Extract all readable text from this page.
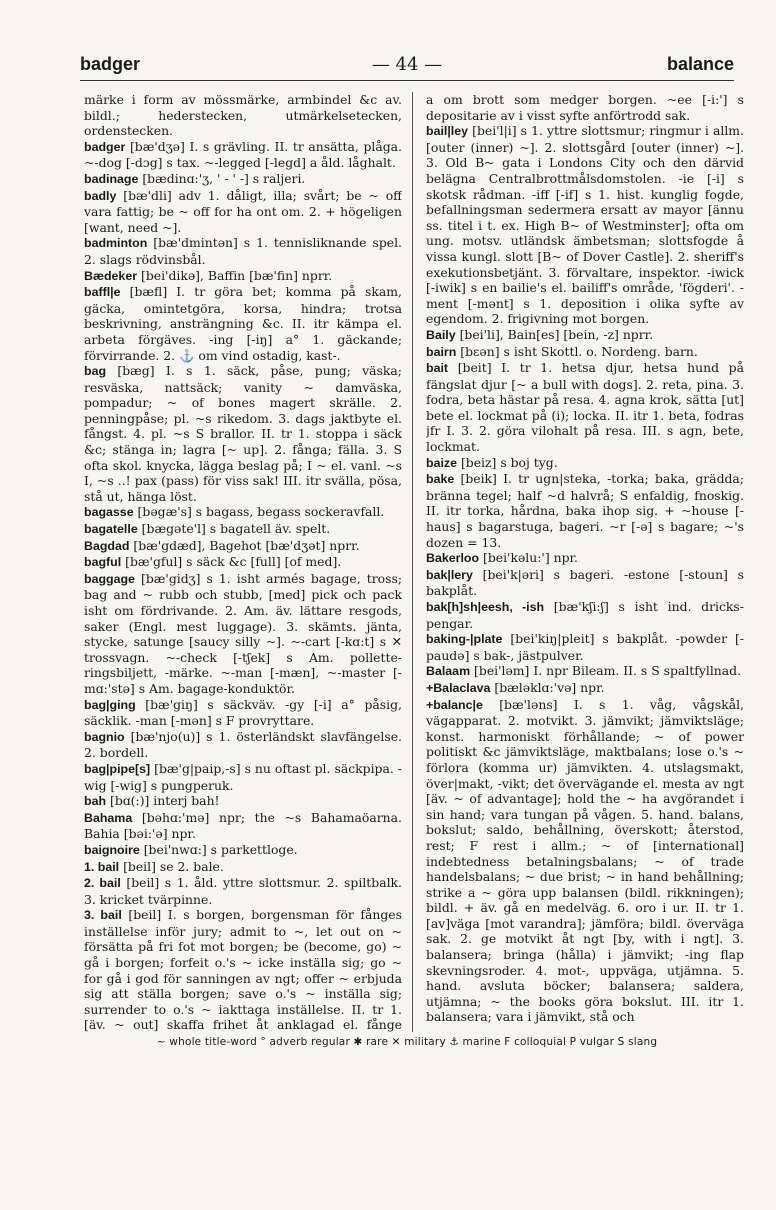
badger	— 44 —	balance

märke i form av mössmärke, armbindel &c av. bildl.; hederstecken, utmärkelsetecken, ordenstecken.

badger [bæ'dʒə] I. s grävling. II. tr ansätta, plåga. ~-dog [-dɔg] s tax. ~-legged [-legd] a åld. låghalt.

badinage [bædinɑ:'ʒ, ' - ' -] s raljeri.

badly [bæ'dli] adv 1. dåligt, illa; svårt; be ~ off vara fattig; be ~ off for ha ont om. 2. + högeligen [want, need ~].

badminton [bæ'dmintən] s 1. tennisliknande spel. 2. slags rödvinsbål.

Bædeker [bei'dikə], Baffin [bæ'fin] nprr.

baffl|e [bæfl] I. tr göra bet; komma på skam, gäcka, omintetgöra, korsa, hindra; trotsa beskrivning, ansträngning &c. II. itr kämpa el. arbeta förgäves. -ing [-iŋ] a° 1. gäckande; förvirrande. 2. ⚓ om vind ostadig, kast-.

bag [bæg] I. s 1. säck, påse, pung; väska; resväska, nattsäck; vanity ~ damväska, pompadur; ~ of bones magert skrälle. 2. penningpåse; pl. ~s rikedom. 3. dags jaktbyte el. fångst. 4. pl. ~s S brallor. II. tr 1. stoppa i säck &c; stänga in; lagra [~ up]. 2. fånga; fälla. 3. S ofta skol. knycka, lägga beslag på; I ~ el. vanl. ~s I, ~s ..! pax (pass) för viss sak! III. itr svälla, pösa, stå ut, hänga löst.

bagasse [bəgæ's] s bagass, begass sockeravfall.

bagatelle [bægəte'l] s bagatell äv. spelt.

Bagdad [bæ'gdæd], Bagehot [bæ'dʒət] nprr.

bagful [bæ'gful] s säck &c [full] [of med].

baggage [bæ'gidʒ] s 1. isht armés bagage, tross; bag and ~ rubb och stubb, [med] pick och pack isht om fördrivande. 2. Am. äv. lättare resgods, saker (Engl. mest luggage). 3. skämts. jänta, stycke, satunge [saucy silly ~]. ~-cart [-kɑ:t] s ✕ trossvagn. ~-check [-tʃek] s Am. pollette-ringsbiljett, -märke. ~-man [-mæn], ~-master [-mɑ:'stə] s Am. bagage-konduktör.

bag|ging [bæ'giŋ] s säckväv. -gy [-i] a° påsig, säcklik. -man [-mən] s F provryttare.

bagnio [bæ'njo(u)] s 1. österländskt slavfängelse. 2. bordell.

bag|pipe[s] [bæ'g|paip,-s] s nu oftast pl. säckpipa. -wig [-wig] s pungperuk.

bah [bɑ(:)] interj bah!

Bahama [bəhɑ:'mə] npr; the ~s Bahamaöarna. Bahia [bəi:'ə] npr.

baignoire [bei'nwɑ:] s parkettloge.

1. bail [beil] se 2. bale.

2. bail [beil] s 1. åld. yttre slottsmur. 2. spiltbalk. 3. kricket tvärpinne.

3. bail [beil] I. s borgen, borgensman för fånges inställelse inför jury; admit to ~, let out on ~ försätta på fri fot mot borgen; be (become, go) ~ gå i borgen; forfeit o.'s ~ icke inställa sig; go ~ for gå i god för sanningen av ngt; offer ~ erbjuda sig att ställa borgen; save o.'s ~ inställa sig; surrender to o.'s ~ iakttaga inställelse. II. tr 1. [äv. ~ out] skaffa frihet åt anklagad el. fånge

a om brott som medger borgen. ~ee [-i:'] s depositarie av i visst syfte anförtrodd sak.

bail|ley [bei'l|i] s 1. yttre slottsmur; ringmur i allm. [outer (inner) ~]. 2. slottsgård [outer (inner) ~]. 3. Old B~ gata i Londons City och den därvid belägna Centralbrottmålsdomstolen. -ie [-i] s skotsk rådman. -iff [-if] s 1. hist. kunglig fogde, befallningsman sedermera ersatt av mayor [ännu ss. titel i t. ex. High B~ of Westminster]; ofta om ung. motsv. utländsk ämbetsman; slottsfogde å vissa kungl. slott [B~ of Dover Castle]. 2. sheriff's exekutionsbetjänt. 3. förvaltare, inspektor. -iwick [-iwik] s en bailie's el. bailiff's område, 'fögderi'. -ment [-mənt] s 1. deposition i olika syfte av egendom. 2. frigivning mot borgen.

Baily [bei'li], Bain[es] [bein, -z] nprr.

bairn [bɛən] s isht Skottl. o. Nordeng. barn.

bait [beit] I. tr 1. hetsa djur, hetsa hund på fängslat djur [~ a bull with dogs]. 2. reta, pina. 3. fodra, beta hästar på resa. 4. agna krok, sätta [ut] bete el. lockmat på (i); locka. II. itr 1. beta, fodras jfr I. 3. 2. göra vilohalt på resa. III. s agn, bete, lockmat.

baize [beiz] s boj tyg.

bake [beik] I. tr ugn|steka, -torka; baka, gräddа; bränna tegel; half ~d halvrå; S enfaldig, fnoskig. II. itr torka, hårdna, baka ihop sig. + ~house [-haus] s bagarstuga, bageri. ~r [-ə] s bagare; ~'s dozen = 13.

Bakerloo [bei'kəlu:'] npr.

bak|lery [bei'k|əri] s bageri. -estone [-stoun] s bakplåt.

bak[h]sh|eesh, -ish [bæ'kʃi:ʃ] s isht ind. dricks-pengar.

baking-|plate [bei'kiŋ|pleit] s bakplåt. -powder [-paudə] s bak-, jästpulver.

Balaam [bei'ləm] I. npr Bileam. II. s S spaltfyllnad.

+Balaclava [bæləklɑ:'və] npr.

+balanc|e [bæ'ləns] I. s 1. våg, vågskål, vägapparat. 2. motvikt. 3. jämvikt; jämviktsläge; konst. harmoniskt förhållande; ~ of power politiskt &c jämviktsläge, maktbalans; lose o.'s ~ förlora (komma ur) jämvikten. 4. utslagsmakt, över|makt, -vikt; det övervägande el. mesta av ngt [äv. ~ of advantage]; hold the ~ ha avgörandet i sin hand; vara tungan på vågen. 5. hand. balans, bokslut; saldo, behållning, överskott; återstod, rest; F rest i allm.; ~ of [international] indebtedness betalningsbalans; ~ of trade handelsbalans; ~ due brist; ~ in hand behållning; strike a ~ göra upp balansen (bildl. rikkningen); bildl. + äv. gå en medelväg. 6. oro i ur. II. tr 1. [av]väga [mot varandra]; jämföra; bildl. överväga sak. 2. ge motvikt åt ngt [by, with i ngt]. 3. balansera; bringa (hålla) i jämvikt; -ing flap skevningsroder. 4. mot-, uppväga, utjämna. 5. hand. avsluta böcker; balansera; saldera, utjämna; ~ the books göra bokslut. III. itr 1. balansera; vara i jämvikt, stå och

~ whole title-word ° adverb regular ✱ rare ✕ military ⚓ marine F colloquial P vulgar S slang
